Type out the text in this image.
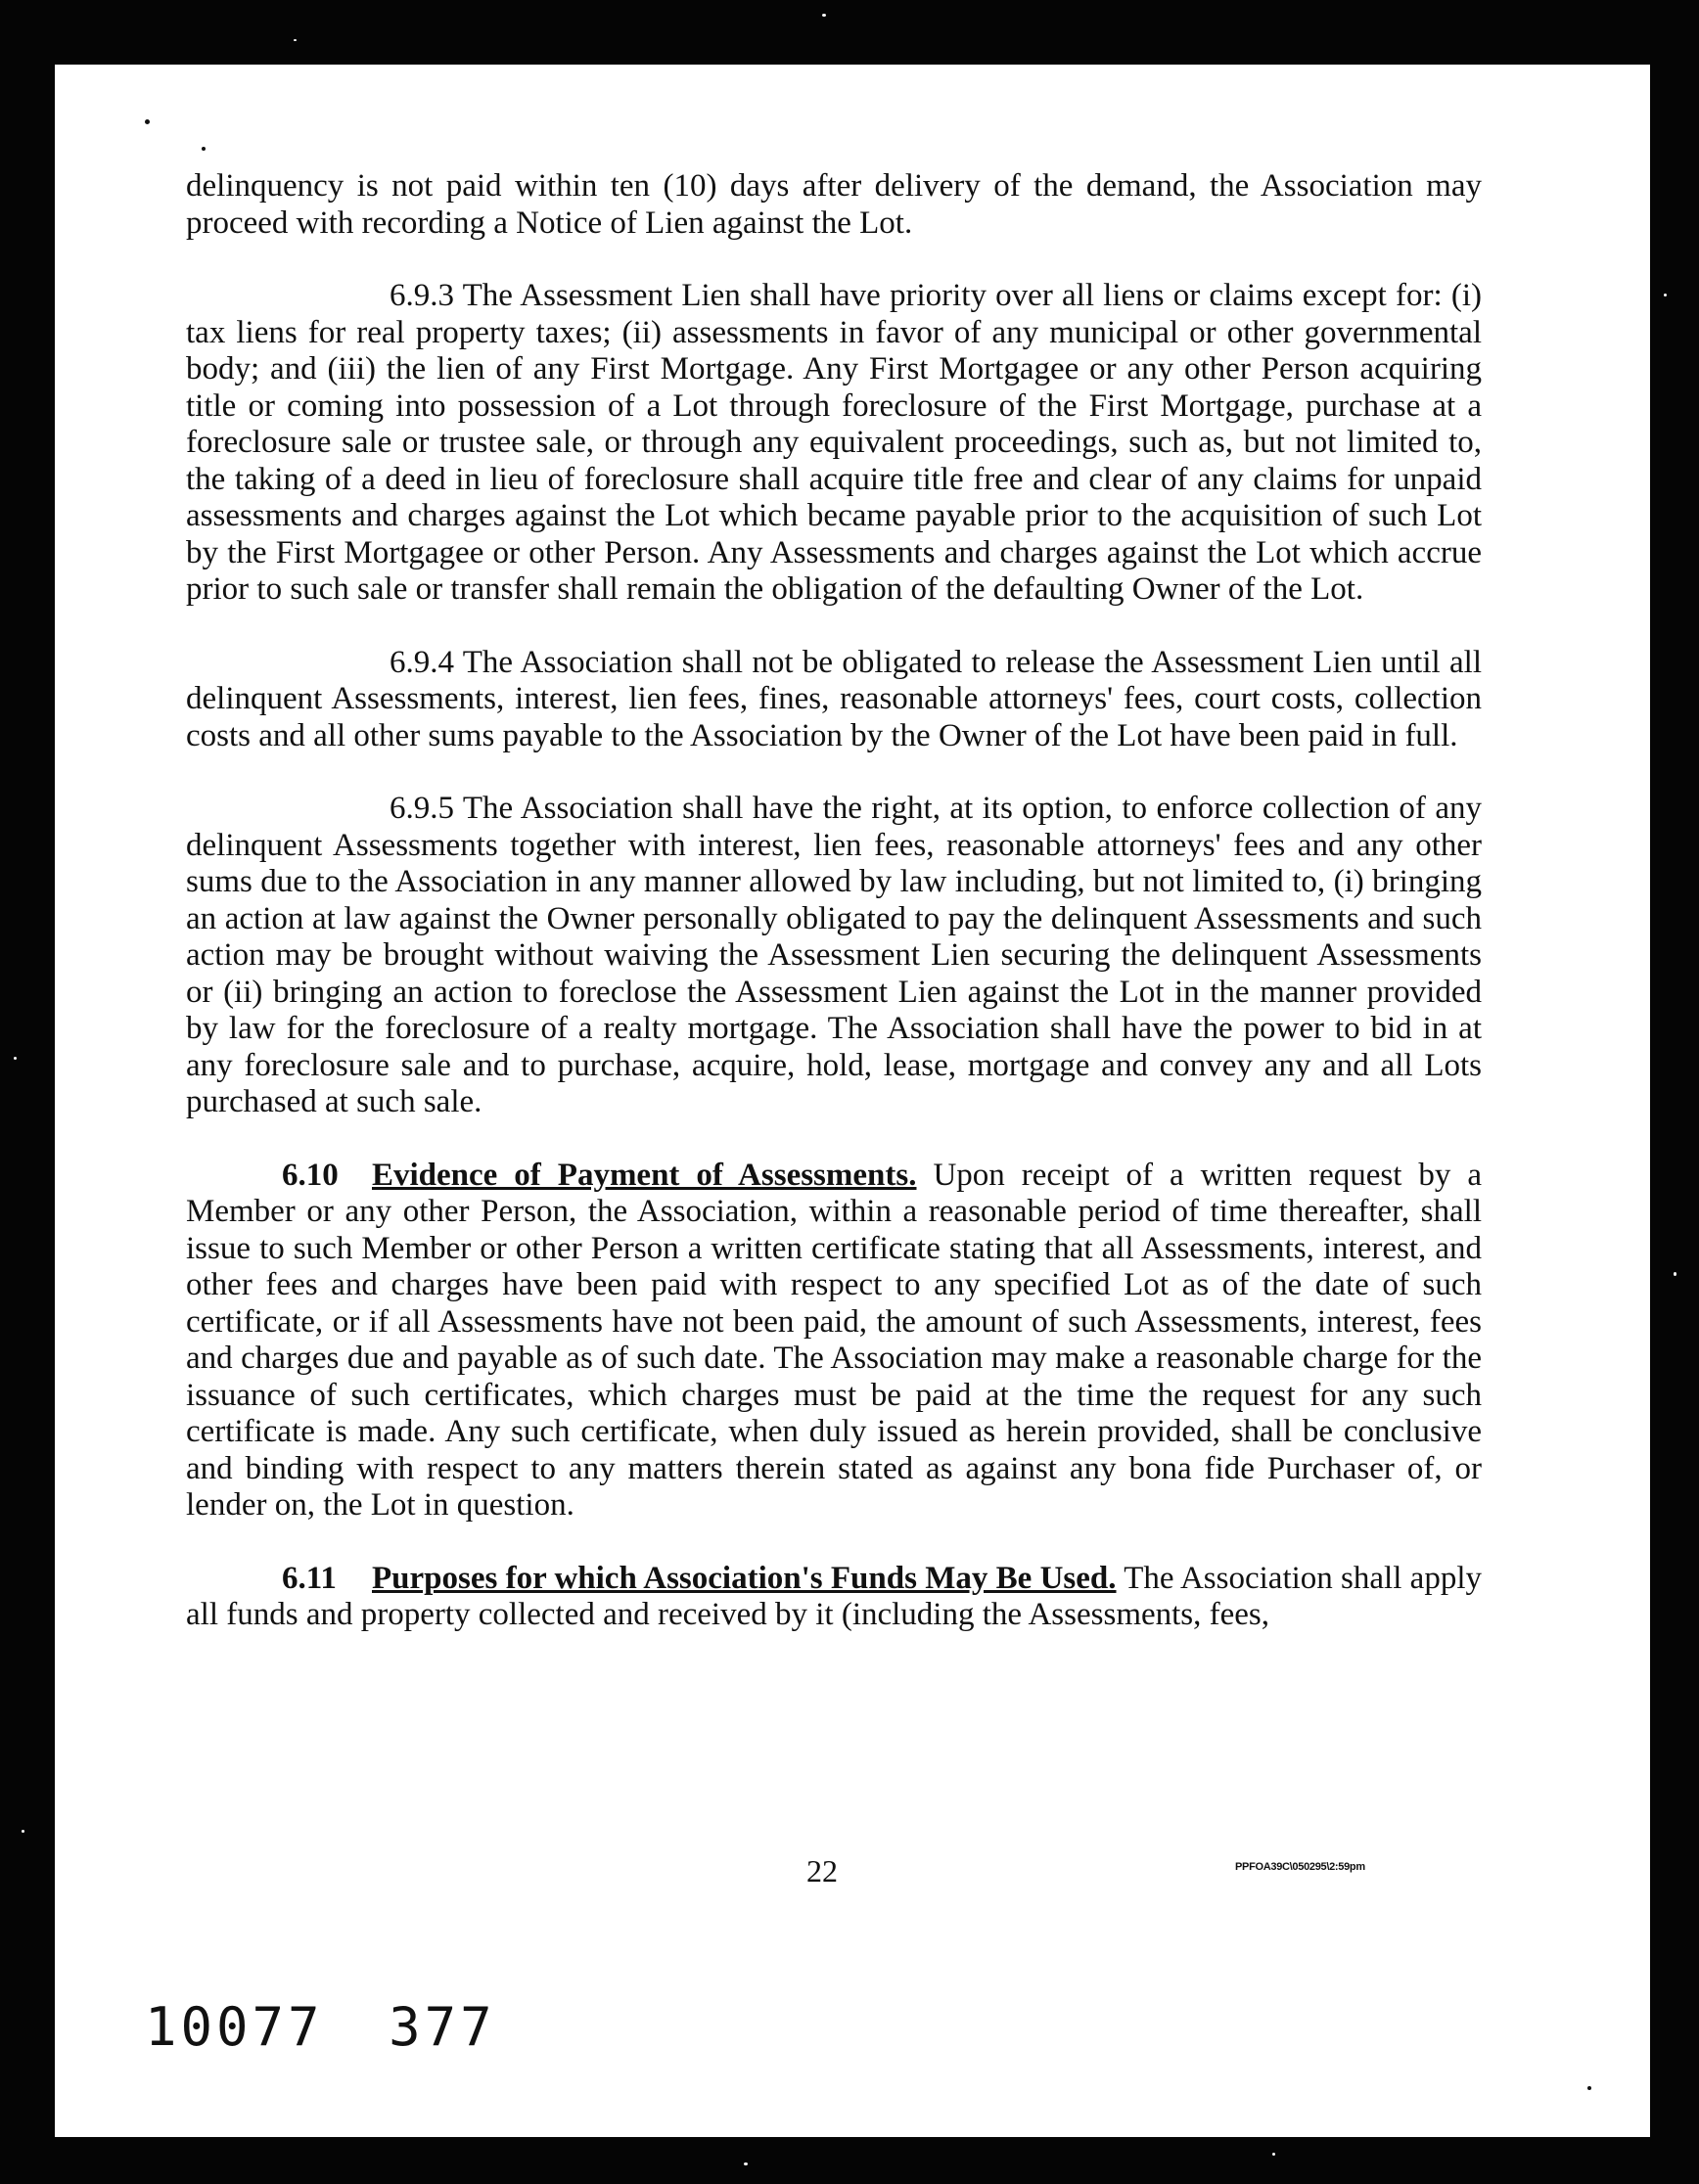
delinquency is not paid within ten (10) days after delivery of the demand, the Association may proceed with recording a Notice of Lien against the Lot.

6.9.3 The Assessment Lien shall have priority over all liens or claims except for: (i) tax liens for real property taxes; (ii) assessments in favor of any municipal or other governmental body; and (iii) the lien of any First Mortgage. Any First Mortgagee or any other Person acquiring title or coming into possession of a Lot through foreclosure of the First Mortgage, purchase at a foreclosure sale or trustee sale, or through any equivalent proceedings, such as, but not limited to, the taking of a deed in lieu of foreclosure shall acquire title free and clear of any claims for unpaid assessments and charges against the Lot which became payable prior to the acquisition of such Lot by the First Mortgagee or other Person. Any Assessments and charges against the Lot which accrue prior to such sale or transfer shall remain the obligation of the defaulting Owner of the Lot.

6.9.4 The Association shall not be obligated to release the Assessment Lien until all delinquent Assessments, interest, lien fees, fines, reasonable attorneys' fees, court costs, collection costs and all other sums payable to the Association by the Owner of the Lot have been paid in full.

6.9.5 The Association shall have the right, at its option, to enforce collection of any delinquent Assessments together with interest, lien fees, reasonable attorneys' fees and any other sums due to the Association in any manner allowed by law including, but not limited to, (i) bringing an action at law against the Owner personally obligated to pay the delinquent Assessments and such action may be brought without waiving the Assessment Lien securing the delinquent Assessments or (ii) bringing an action to foreclose the Assessment Lien against the Lot in the manner provided by law for the foreclosure of a realty mortgage. The Association shall have the power to bid in at any foreclosure sale and to purchase, acquire, hold, lease, mortgage and convey any and all Lots purchased at such sale.

6.10 Evidence of Payment of Assessments. Upon receipt of a written request by a Member or any other Person, the Association, within a reasonable period of time thereafter, shall issue to such Member or other Person a written certificate stating that all Assessments, interest, and other fees and charges have been paid with respect to any specified Lot as of the date of such certificate, or if all Assessments have not been paid, the amount of such Assessments, interest, fees and charges due and payable as of such date. The Association may make a reasonable charge for the issuance of such certificates, which charges must be paid at the time the request for any such certificate is made. Any such certificate, when duly issued as herein provided, shall be conclusive and binding with respect to any matters therein stated as against any bona fide Purchaser of, or lender on, the Lot in question.

6.11 Purposes for which Association's Funds May Be Used. The Association shall apply all funds and property collected and received by it (including the Assessments, fees,

22	PPFOA39C\050295\2:59pm
10077 377
